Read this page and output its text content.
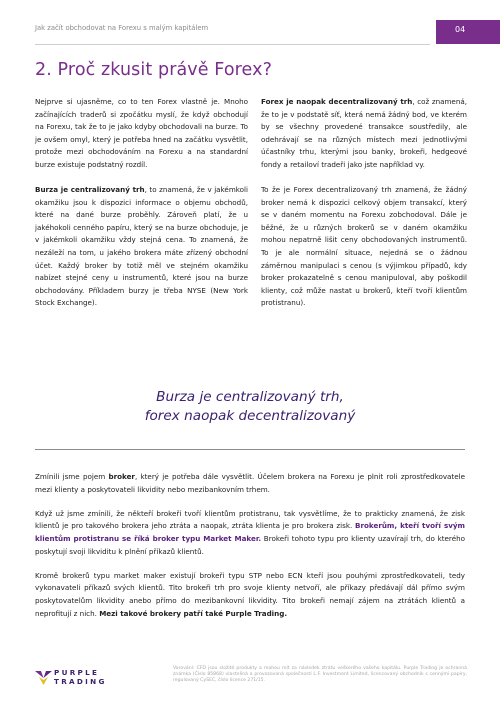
Jak začít obchodovat na Forexu s malým kapitálem	04
2. Proč zkusit právě Forex?

Nejprve si ujasněme, co to ten Forex vlastně je. Mnoho začínajících traderů si zpočátku myslí, že když obchodují na Forexu, tak že to je jako kdyby obchodovali na burze. To je ovšem omyl, který je potřeba hned na začátku vysvětlit, protože mezi obchodováním na Forexu a na standardní burze existuje podstatný rozdíl.

Burza je centralizovaný trh, to znamená, že v jakémkoli okamžiku jsou k dispozici informace o objemu obchodů, které na dané burze proběhly. Zároveň platí, že u jakéhokoli cenného papíru, který se na burze obchoduje, je v jakémkoli okamžiku vždy stejná cena. To znamená, že nezáleží na tom, u jakého brokera máte zřízený obchodní účet. Každý broker by totiž měl ve stejném okamžiku nabízet stejné ceny u instrumentů, které jsou na burze obchodovány. Příkladem burzy je třeba NYSE (New York Stock Exchange).

Forex je naopak decentralizovaný trh, což znamená, že to je v podstatě síť, která nemá žádný bod, ve kterém by se všechny provedené transakce soustředily, ale odehrávají se na různých místech mezi jednotlivými účastníky trhu, kterými jsou banky, brokeři, hedgeové fondy a retailoví tradeři jako jste například vy.

To že je Forex decentralizovaný trh znamená, že žádný broker nemá k dispozici celkový objem transakcí, který se v daném momentu na Forexu zobchodoval. Dále je běžné, že u různých brokerů se v daném okamžiku mohou nepatrně lišit ceny obchodovaných instrumentů. To je ale normální situace, nejedná se o žádnou záměrnou manipulaci s cenou (s výjimkou případů, kdy broker prokazatelně s cenou manipuloval, aby poškodil klienty, což může nastat u brokerů, kteří tvoří klientům protistranu).

Burza je centralizovaný trh,
forex naopak decentralizovaný

Zmínili jsme pojem broker, který je potřeba dále vysvětlit. Účelem brokera na Forexu je plnit roli zprostředkovatele mezi klienty a poskytovateli likvidity nebo mezibankovním trhem.

Když už jsme zmínili, že někteří brokeři tvoří klientům protistranu, tak vysvětlíme, že to prakticky znamená, že zisk klientů je pro takového brokera jeho ztráta a naopak, ztráta klienta je pro brokera zisk. Brokerům, kteří tvoří svým klientům protistranu se říká broker typu Market Maker. Brokeři tohoto typu pro klienty uzavírají trh, do kterého poskytují svoji likviditu k plnění příkazů klientů.

Kromě brokerů typu market maker existují brokeři typu STP nebo ECN kteří jsou pouhými zprostředkovateli, tedy vykonavateli příkazů svých klientů. Tito brokeři trh pro svoje klienty netvoří, ale příkazy předávají dál přímo svým poskytovatelům likvidity anebo přímo do mezibankovní likvidity. Tito brokeři nemají zájem na ztrátách klientů a neprofitují z nich. Mezi takové brokery patří také Purple Trading.

PURPLE
TRADING
Varování: CFD jsou složité produkty a mohou mít za následek ztrátu veškerého vašeho kapitálu. Purple Trading je ochranná známka (Číslo 85868) vlastněná a provozovaná společností L.F. Investment Limited, licencovaný obchodník s cennými papíry, regulovaný CySEC, číslo licence 271/15.
